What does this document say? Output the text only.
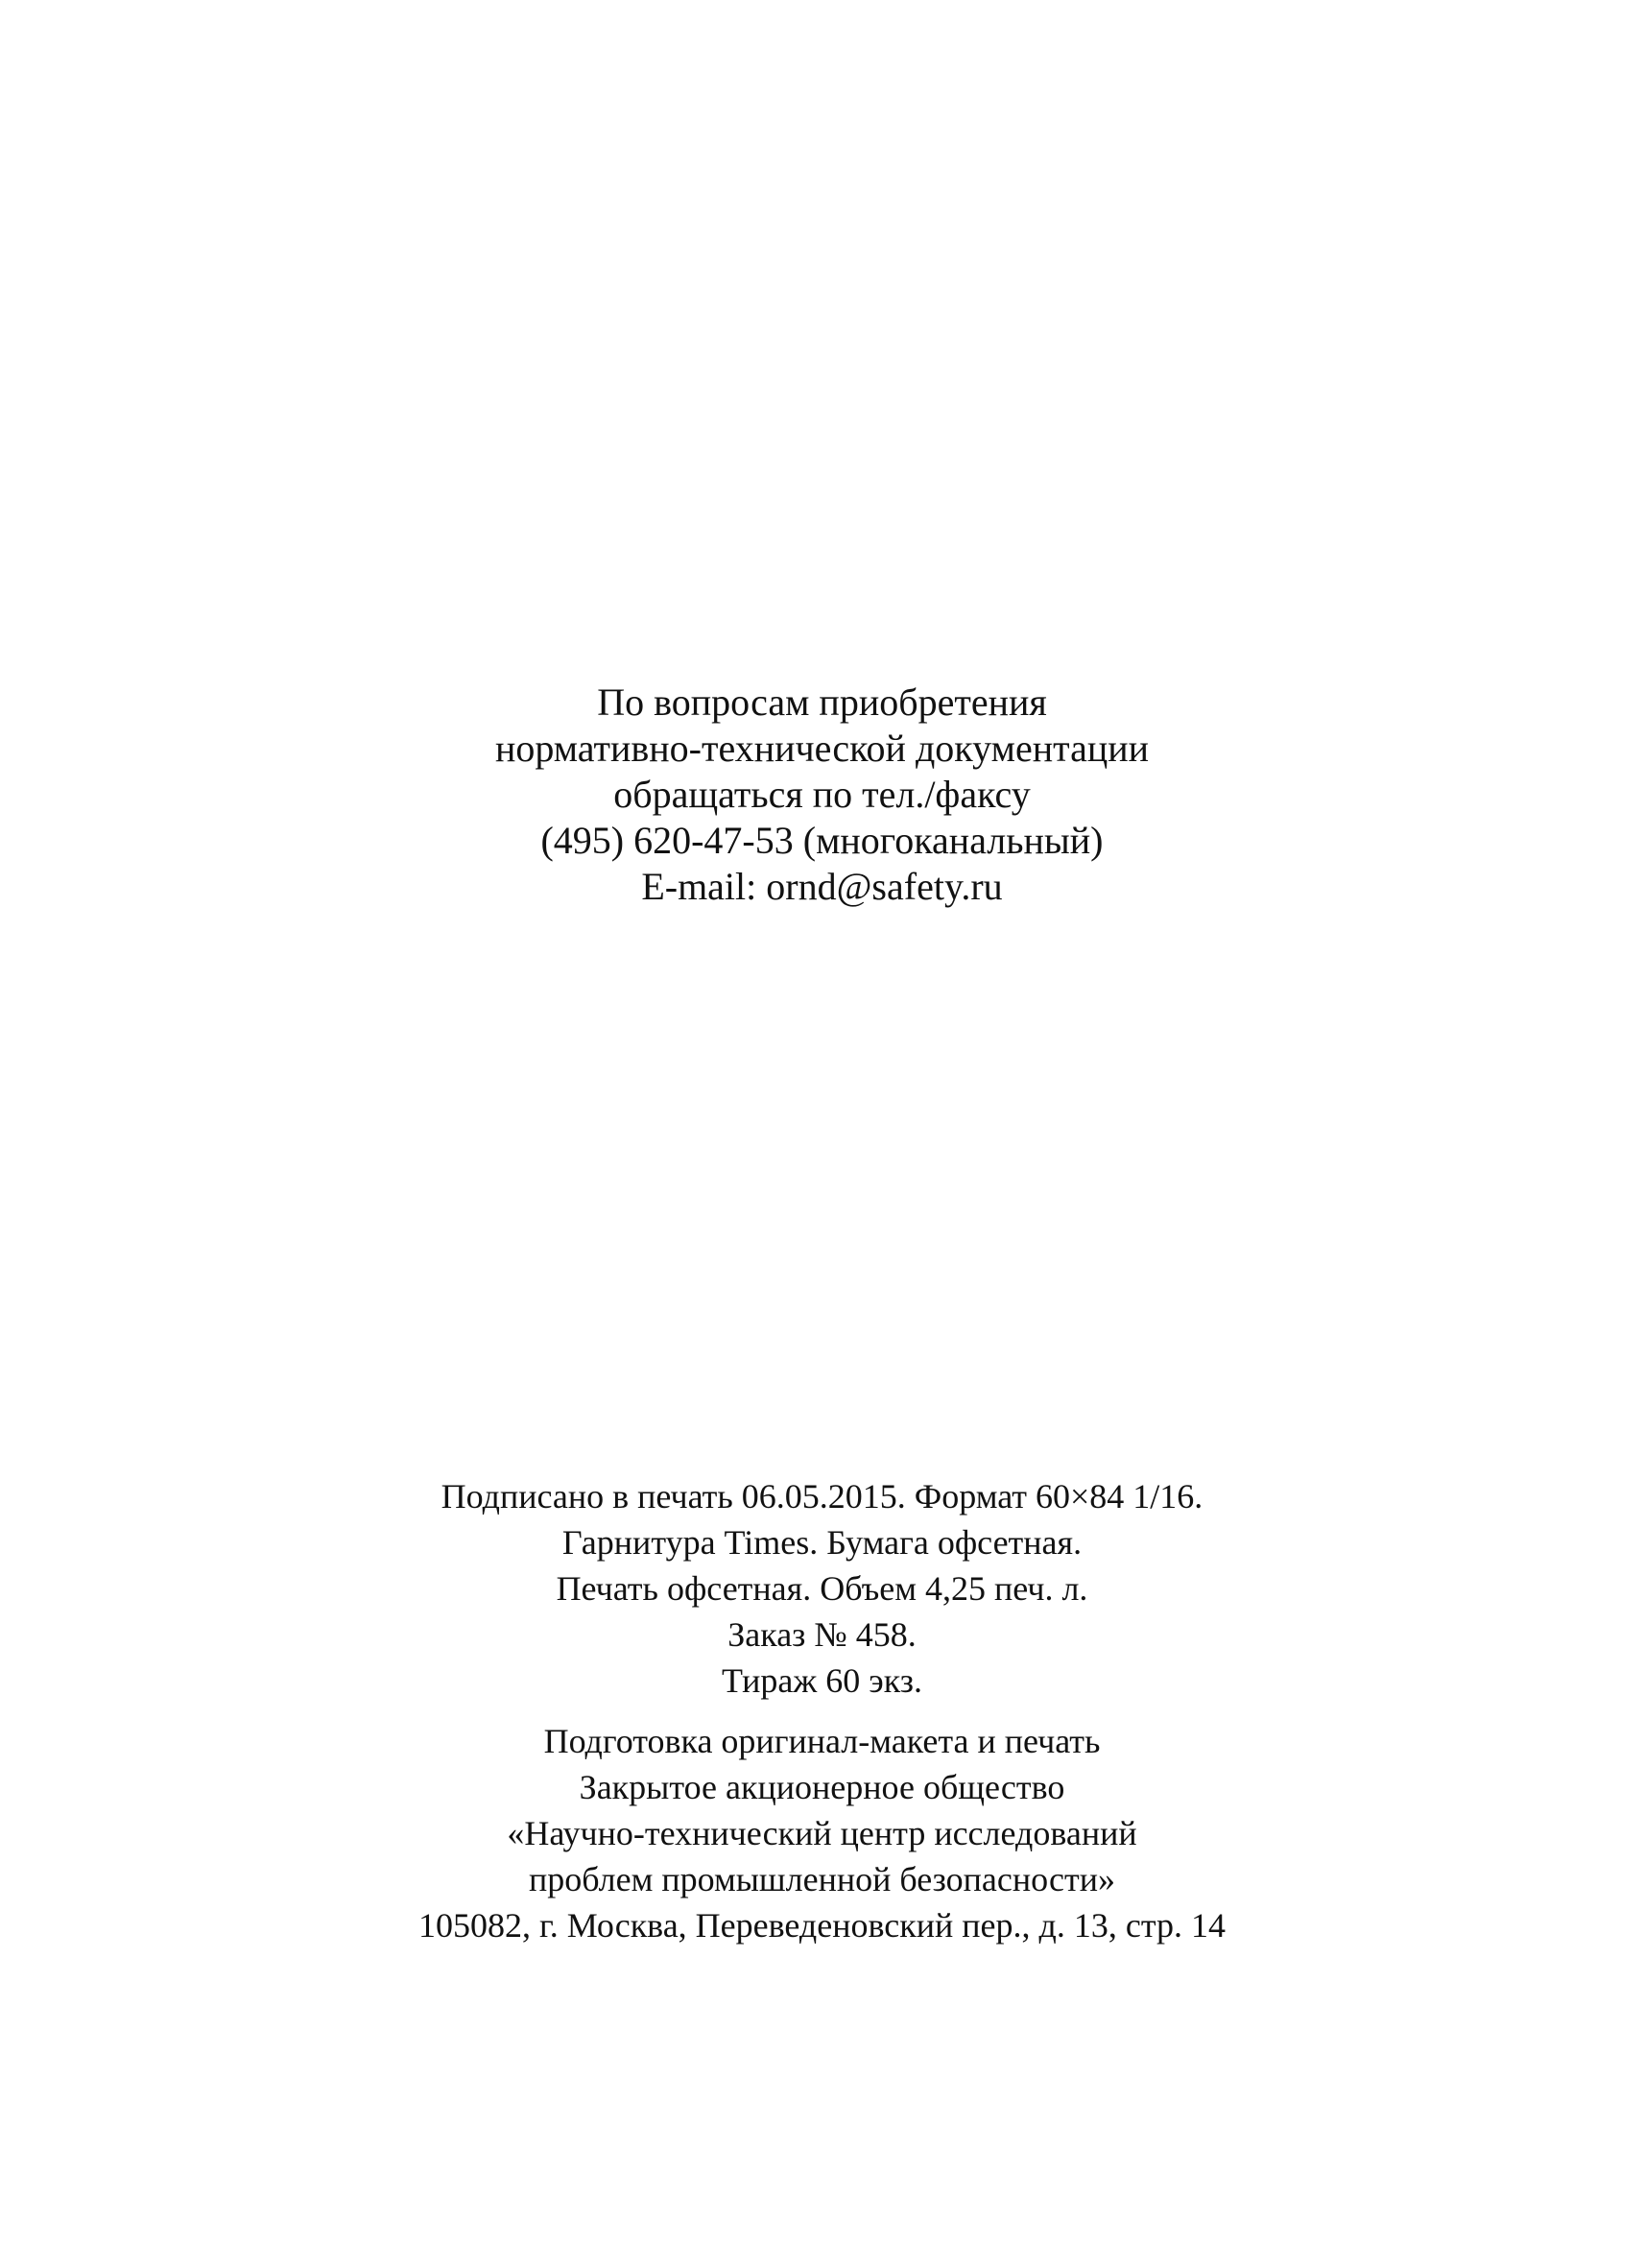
По вопросам приобретения
нормативно-технической документации
обращаться по тел./факсу
(495) 620-47-53 (многоканальный)
E-mail: ornd@safety.ru
Подписано в печать 06.05.2015. Формат 60×84 1/16.
Гарнитура Times. Бумага офсетная.
Печать офсетная. Объем 4,25 печ. л.
Заказ № 458.
Тираж 60 экз.
Подготовка оригинал-макета и печать
Закрытое акционерное общество
«Научно-технический центр исследований
проблем промышленной безопасности»
105082, г. Москва, Переведеновский пер., д. 13, стр. 14
